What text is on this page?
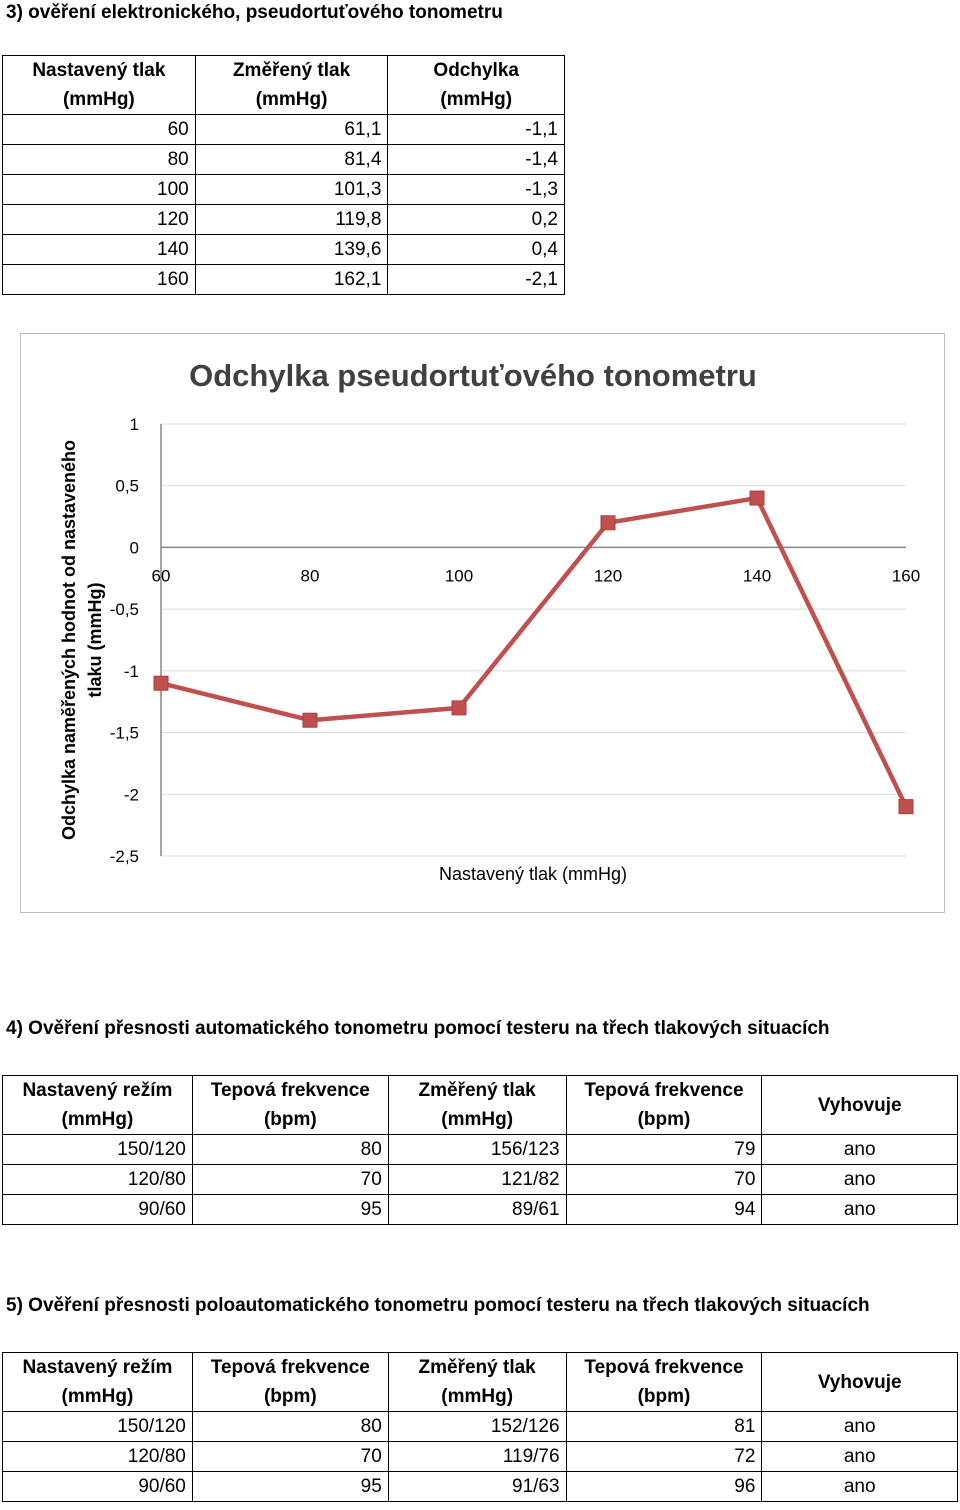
3) ověření elektronického, pseudortuťového tonometru
Nastavený tlak	Změřený tlak	Odchylka
(mmHg)	(mmHg)	(mmHg)
60	61,1	-1,1
80	81,4	-1,4
100	101,3	-1,3
120	119,8	0,2
140	139,6	0,4
160	162,1	-2,1
Odchylka pseudortuťového tonometru
Odchylka naměřených hodnot od nastaveného tlaku (mmHg)
Nastavený tlak (mmHg)
1
0,5
0
-0,5
-1
-1,5
-2
-2,5
60	80	100	120	140	160
4) Ověření přesnosti automatického tonometru pomocí testeru na třech tlakových situacích
Nastavený režím	Tepová frekvence	Změřený tlak	Tepová frekvence	Vyhovuje
(mmHg)	(bpm)	(mmHg)	(bpm)	
150/120	80	156/123	79	ano
120/80	70	121/82	70	ano
90/60	95	89/61	94	ano
5) Ověření přesnosti poloautomatického tonometru pomocí testeru na třech tlakových situacích
Nastavený režím	Tepová frekvence	Změřený tlak	Tepová frekvence	Vyhovuje
(mmHg)	(bpm)	(mmHg)	(bpm)	
150/120	80	152/126	81	ano
120/80	70	119/76	72	ano
90/60	95	91/63	96	ano
